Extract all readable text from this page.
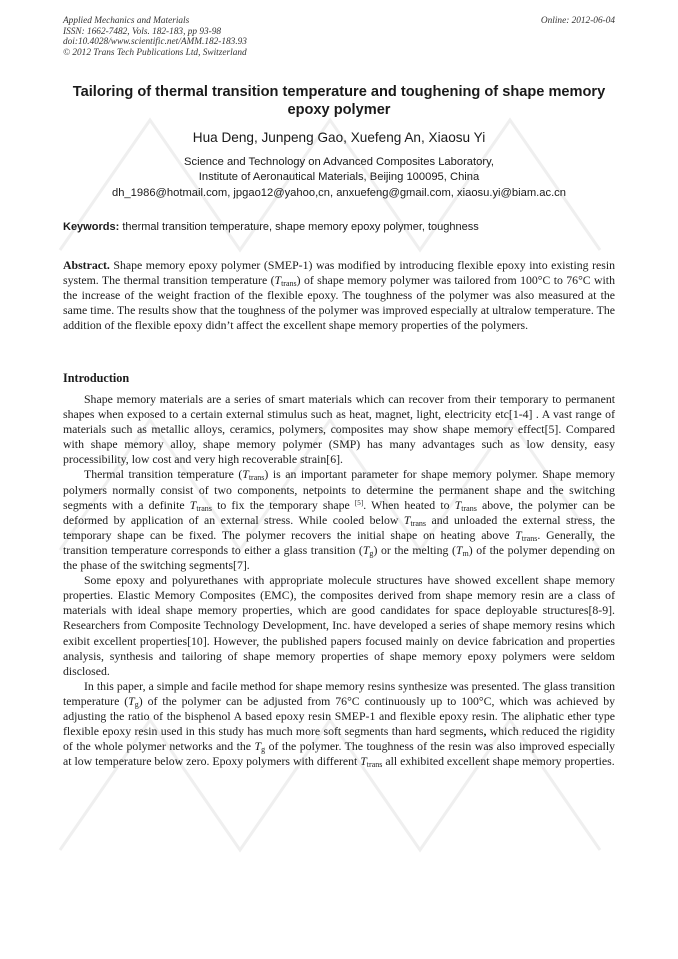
Applied Mechanics and Materials
ISSN: 1662-7482, Vols. 182-183, pp 93-98
doi:10.4028/www.scientific.net/AMM.182-183.93
© 2012 Trans Tech Publications Ltd, Switzerland
Online: 2012-06-04
Tailoring of thermal transition temperature and toughening of shape memory epoxy polymer
Hua Deng, Junpeng Gao, Xuefeng An, Xiaosu Yi
Science and Technology on Advanced Composites Laboratory,
Institute of Aeronautical Materials, Beijing 100095, China
dh_1986@hotmail.com, jpgao12@yahoo,cn, anxuefeng@gmail.com, xiaosu.yi@biam.ac.cn
Keywords: thermal transition temperature, shape memory epoxy polymer, toughness

Abstract. Shape memory epoxy polymer (SMEP-1) was modified by introducing flexible epoxy into existing resin system. The thermal transition temperature $(T_{trans})$ of shape memory polymer was tailored from 100°C to 76°C with the increase of the weight fraction of the flexible epoxy. The toughness of the polymer was also measured at the same time. The results show that the toughness of the polymer was improved especially at ultralow temperature. The addition of the flexible epoxy didn’t affect the excellent shape memory properties of the polymers.

Introduction

Shape memory materials are a series of smart materials which can recover from their temporary to permanent shapes when exposed to a certain external stimulus such as heat, magnet, light, electricity etc[1-4] . A vast range of materials such as metallic alloys, ceramics, polymers, composites may show shape memory effect[5]. Compared with shape memory alloy, shape memory polymer (SMP) has many advantages such as low density, easy processibility, low cost and very high recoverable strain[6].

Thermal transition temperature $(T_{trans})$ is an important parameter for shape memory polymer. Shape memory polymers normally consist of two components, netpoints to determine the permanent shape and the switching segments with a definite $T_{trans}$ to fix the temporary shape [5]. When heated to $T_{trans}$ above, the polymer can be deformed by application of an external stress. While cooled below $T_{trans}$ and unloaded the external stress, the temporary shape can be fixed. The polymer recovers the initial shape on heating above $T_{trans}$. Generally, the transition temperature corresponds to either a glass transition $(T_g)$ or the melting $(T_m)$ of the polymer depending on the phase of the switching segments[7].

Some epoxy and polyurethanes with appropriate molecule structures have showed excellent shape memory properties. Elastic Memory Composites (EMC), the composites derived from shape memory resin are a class of materials with ideal shape memory properties, which are good candidates for space deployable structures[8-9]. Researchers from Composite Technology Development, Inc. have developed a series of shape memory resins which exibit excellent properties[10]. However, the published papers focused mainly on device fabrication and properties analysis, synthesis and tailoring of shape memory properties of shape memory epoxy polymers were seldom disclosed.

In this paper, a simple and facile method for shape memory resins synthesize was presented. The glass transition temperature $(T_g)$ of the polymer can be adjusted from 76°C continuously up to 100°C, which was achieved by adjusting the ratio of the bisphenol A based epoxy resin SMEP-1 and flexible epoxy resin. The aliphatic ether type flexible epoxy resin used in this study has much more soft segments than hard segments, which reduced the rigidity of the whole polymer networks and the $T_g$ of the polymer. The toughness of the resin was also improved especially at low temperature below zero. Epoxy polymers with different $T_{trans}$ all exhibited excellent shape memory properties.
